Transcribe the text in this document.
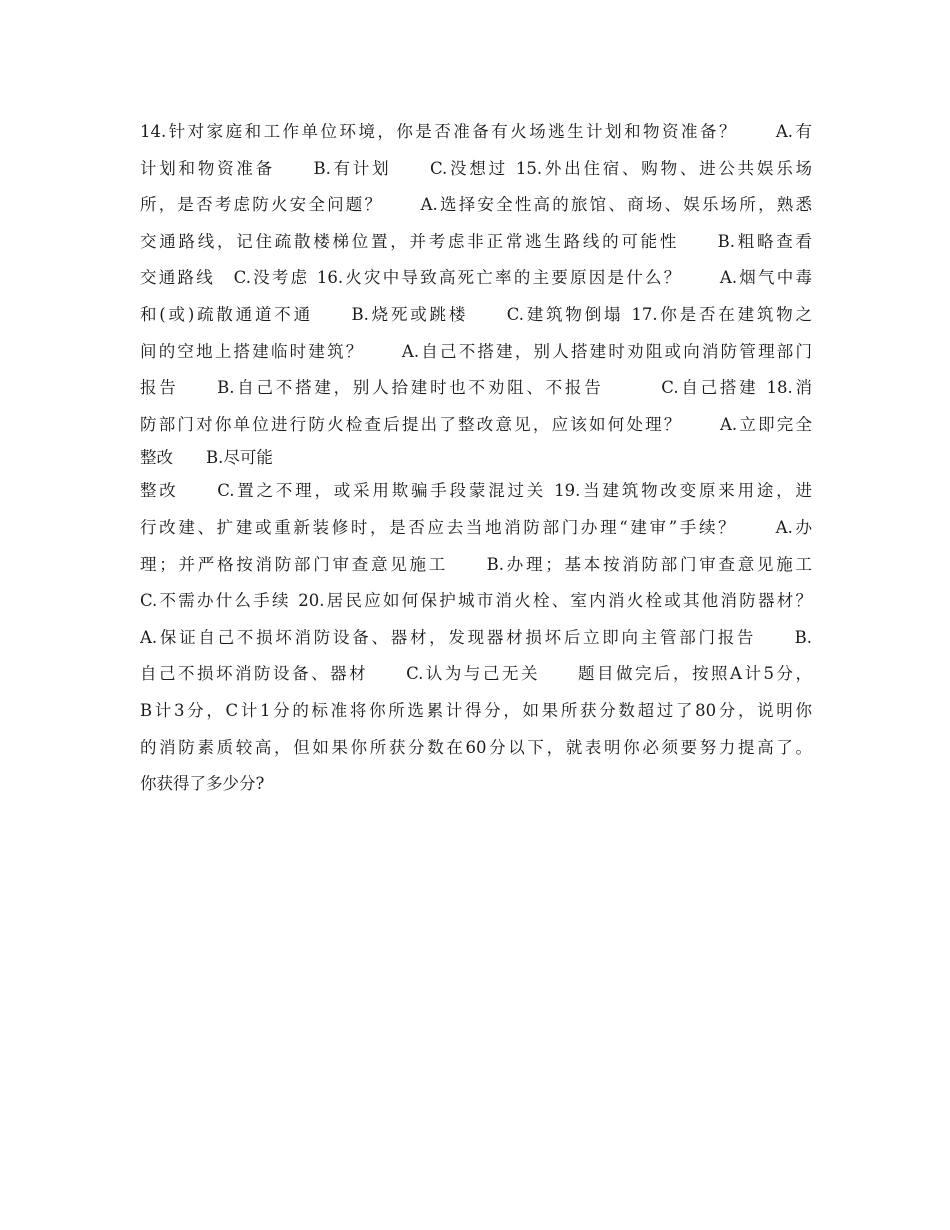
14.针对家庭和工作单位环境，你是否准备有火场逃生计划和物资准备？　　A.有
计划和物资准备　　B.有计划　　C.没想过 15.外出住宿、购物、进公共娱乐场
所，是否考虑防火安全问题？　　A.选择安全性高的旅馆、商场、娱乐场所，熟悉
交通路线，记住疏散楼梯位置，并考虑非正常逃生路线的可能性　　B.粗略查看
交通路线　C.没考虑 16.火灾中导致高死亡率的主要原因是什么？　　A.烟气中毒
和(或)疏散通道不通　　B.烧死或跳楼　　C.建筑物倒塌 17.你是否在建筑物之
间的空地上搭建临时建筑？　　A.自己不搭建，别人搭建时劝阻或向消防管理部门
报告　　B.自己不搭建，别人拾建时也不劝阻、不报告　　　C.自己搭建 18.消
防部门对你单位进行防火检查后提出了整改意见，应该如何处理？　　A.立即完全
整改　　B.尽可能
整改　　C.置之不理，或采用欺骗手段蒙混过关 19.当建筑物改变原来用途，进
行改建、扩建或重新装修时，是否应去当地消防部门办理“建审”手续？　　A.办
理；并严格按消防部门审查意见施工　　B.办理；基本按消防部门审查意见施工
C.不需办什么手续 20.居民应如何保护城市消火栓、室内消火栓或其他消防器材？
A.保证自己不损坏消防设备、器材，发现器材损坏后立即向主管部门报告　　B.
自己不损坏消防设备、器材　　C.认为与己无关　　题目做完后，按照A计5分，
B计3分，C计1分的标准将你所选累计得分，如果所获分数超过了80分，说明你
的消防素质较高，但如果你所获分数在60分以下，就表明你必须要努力提高了。
你获得了多少分?
